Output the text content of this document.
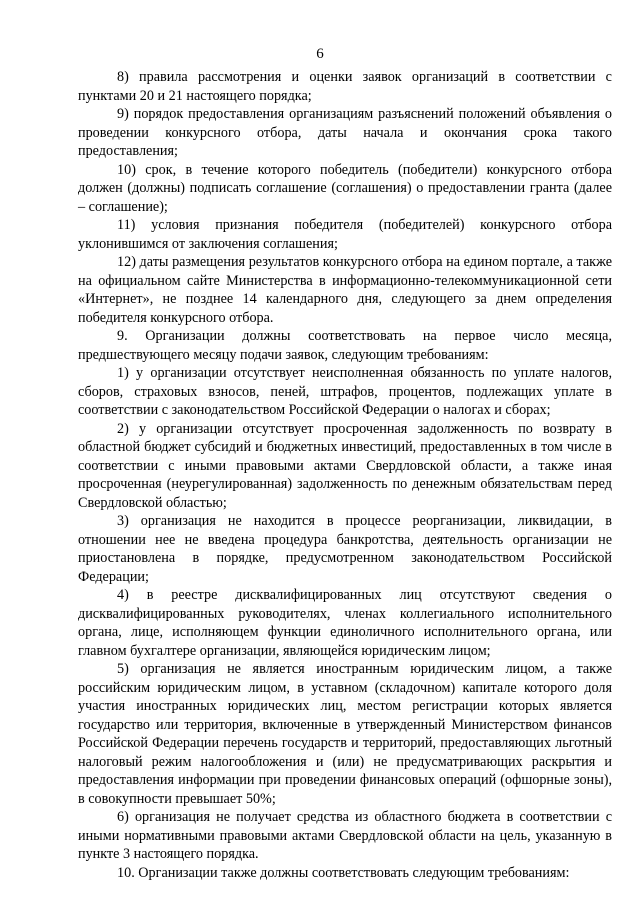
6

8) правила рассмотрения и оценки заявок организаций в соответствии с пунктами 20 и 21 настоящего порядка;

9) порядок предоставления организациям разъяснений положений объявления о проведении конкурсного отбора, даты начала и окончания срока такого предоставления;

10) срок, в течение которого победитель (победители) конкурсного отбора должен (должны) подписать соглашение (соглашения) о предоставлении гранта (далее – соглашение);

11) условия признания победителя (победителей) конкурсного отбора уклонившимся от заключения соглашения;

12) даты размещения результатов конкурсного отбора на едином портале, а также на официальном сайте Министерства в информационно-телекоммуникационной сети «Интернет», не позднее 14 календарного дня, следующего за днем определения победителя конкурсного отбора.

9. Организации должны соответствовать на первое число месяца, предшествующего месяцу подачи заявок, следующим требованиям:

1) у организации отсутствует неисполненная обязанность по уплате налогов, сборов, страховых взносов, пеней, штрафов, процентов, подлежащих уплате в соответствии с законодательством Российской Федерации о налогах и сборах;

2) у организации отсутствует просроченная задолженность по возврату в областной бюджет субсидий и бюджетных инвестиций, предоставленных в том числе в соответствии с иными правовыми актами Свердловской области, а также иная просроченная (неурегулированная) задолженность по денежным обязательствам перед Свердловской областью;

3) организация не находится в процессе реорганизации, ликвидации, в отношении нее не введена процедура банкротства, деятельность организации не приостановлена в порядке, предусмотренном законодательством Российской Федерации;

4) в реестре дисквалифицированных лиц отсутствуют сведения о дисквалифицированных руководителях, членах коллегиального исполнительного органа, лице, исполняющем функции единоличного исполнительного органа, или главном бухгалтере организации, являющейся юридическим лицом;

5) организация не является иностранным юридическим лицом, а также российским юридическим лицом, в уставном (складочном) капитале которого доля участия иностранных юридических лиц, местом регистрации которых является государство или территория, включенные в утвержденный Министерством финансов Российской Федерации перечень государств и территорий, предоставляющих льготный налоговый режим налогообложения и (или) не предусматривающих раскрытия и предоставления информации при проведении финансовых операций (офшорные зоны), в совокупности превышает 50%;

6) организация не получает средства из областного бюджета в соответствии с иными нормативными правовыми актами Свердловской области на цель, указанную в пункте 3 настоящего порядка.

10. Организации также должны соответствовать следующим требованиям:
